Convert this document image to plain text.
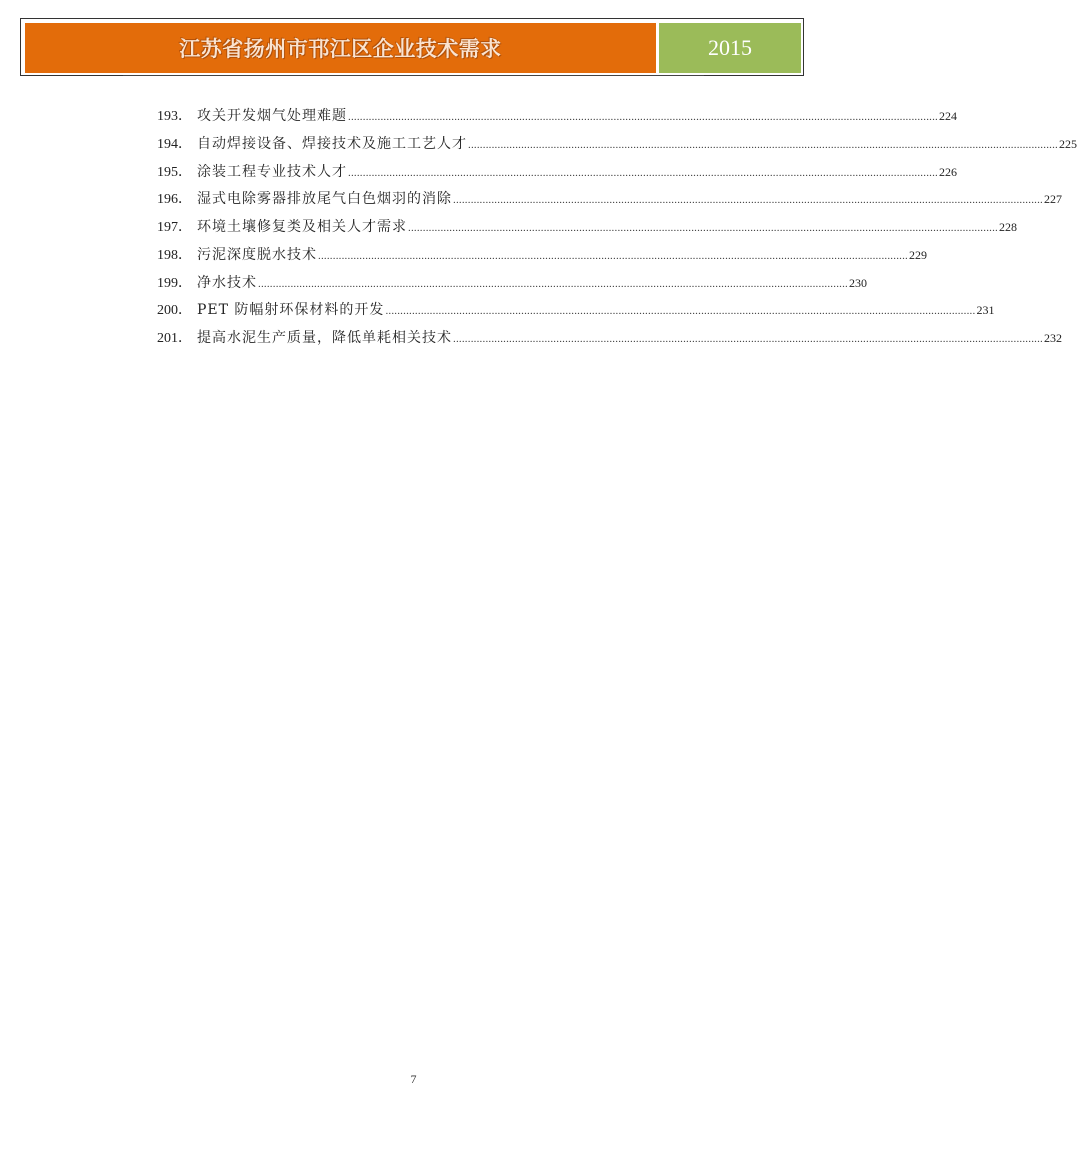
江苏省扬州市邗江区企业技术需求	2015
193． 攻关开发烟气处理难题 ........................................................................................................................................................................................................ 224
194． 自动焊接设备、焊接技术及施工工艺人才 ........................................................................................................................................................................................................ 225
195． 涂装工程专业技术人才 ........................................................................................................................................................................................................ 226
196． 湿式电除雾器排放尾气白色烟羽的消除 ........................................................................................................................................................................................................ 227
197． 环境土壤修复类及相关人才需求 ........................................................................................................................................................................................................ 228
198． 污泥深度脱水技术 ........................................................................................................................................................................................................ 229
199． 净水技术 ........................................................................................................................................................................................................ 230
200． PET 防幅射环保材料的开发 ........................................................................................................................................................................................................ 231
201． 提高水泥生产质量，降低单耗相关技术 ........................................................................................................................................................................................................ 232
7
